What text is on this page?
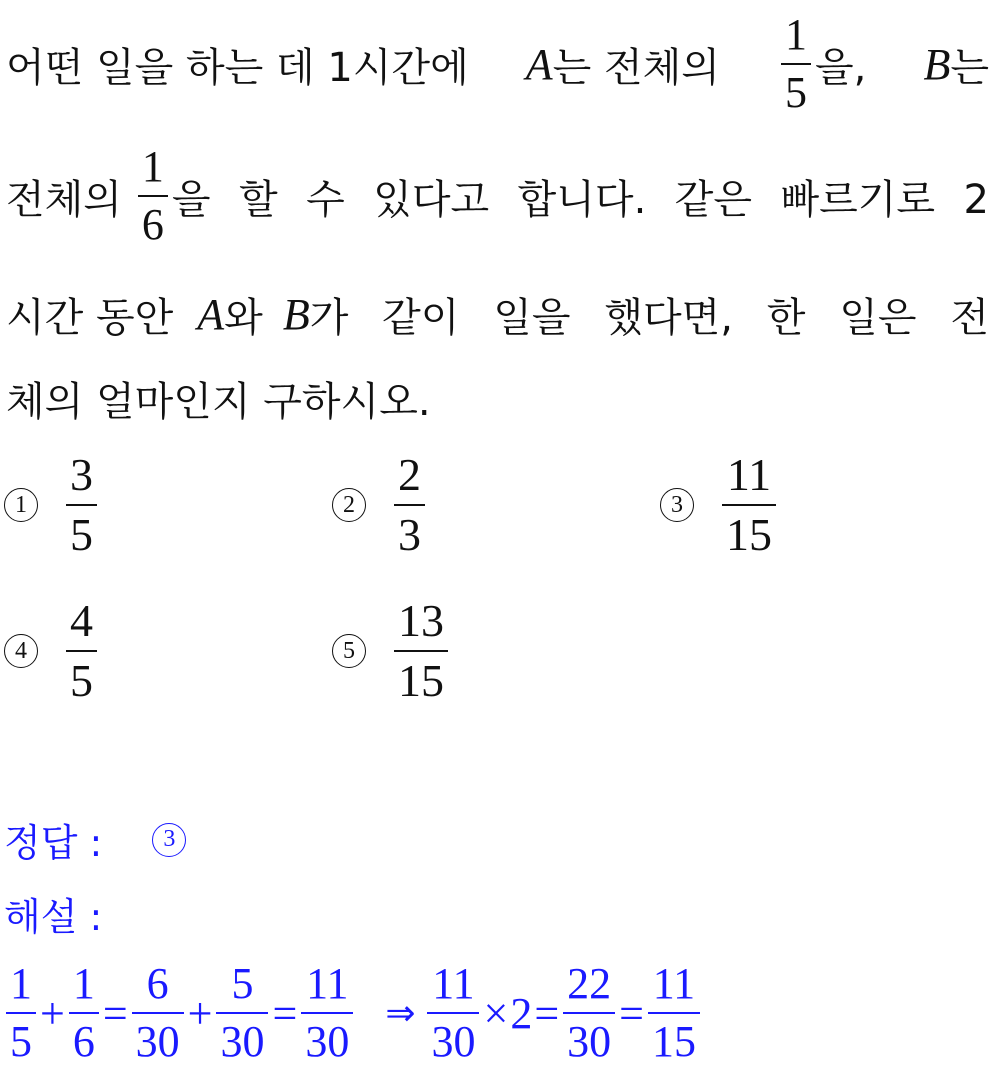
어떤 일을 하는 데 1시간에 A 는 전체의 $\frac{1}{5}$ 을, B 는
전체의 $\frac{1}{6}$ 을 할 수 있다고 합니다. 같은 빠르기로 2
시간 동안 A 와 B 가 같이 일을 했다면, 한 일은 전
체의 얼마인지 구하시오.
$1 \frac{3}{5}$	$2 \frac{2}{3}$	$3 \frac{11}{15}$
$4 \frac{4}{5}$	$5 \frac{13}{15}$
정답 :	3
해설 :
$\frac{1}{5} + \frac{1}{6} = \frac{6}{30} + \frac{5}{30} = \frac{11}{30}$ ⇒ $\frac{11}{30} \times 2 = \frac{22}{30} = \frac{11}{15}$
